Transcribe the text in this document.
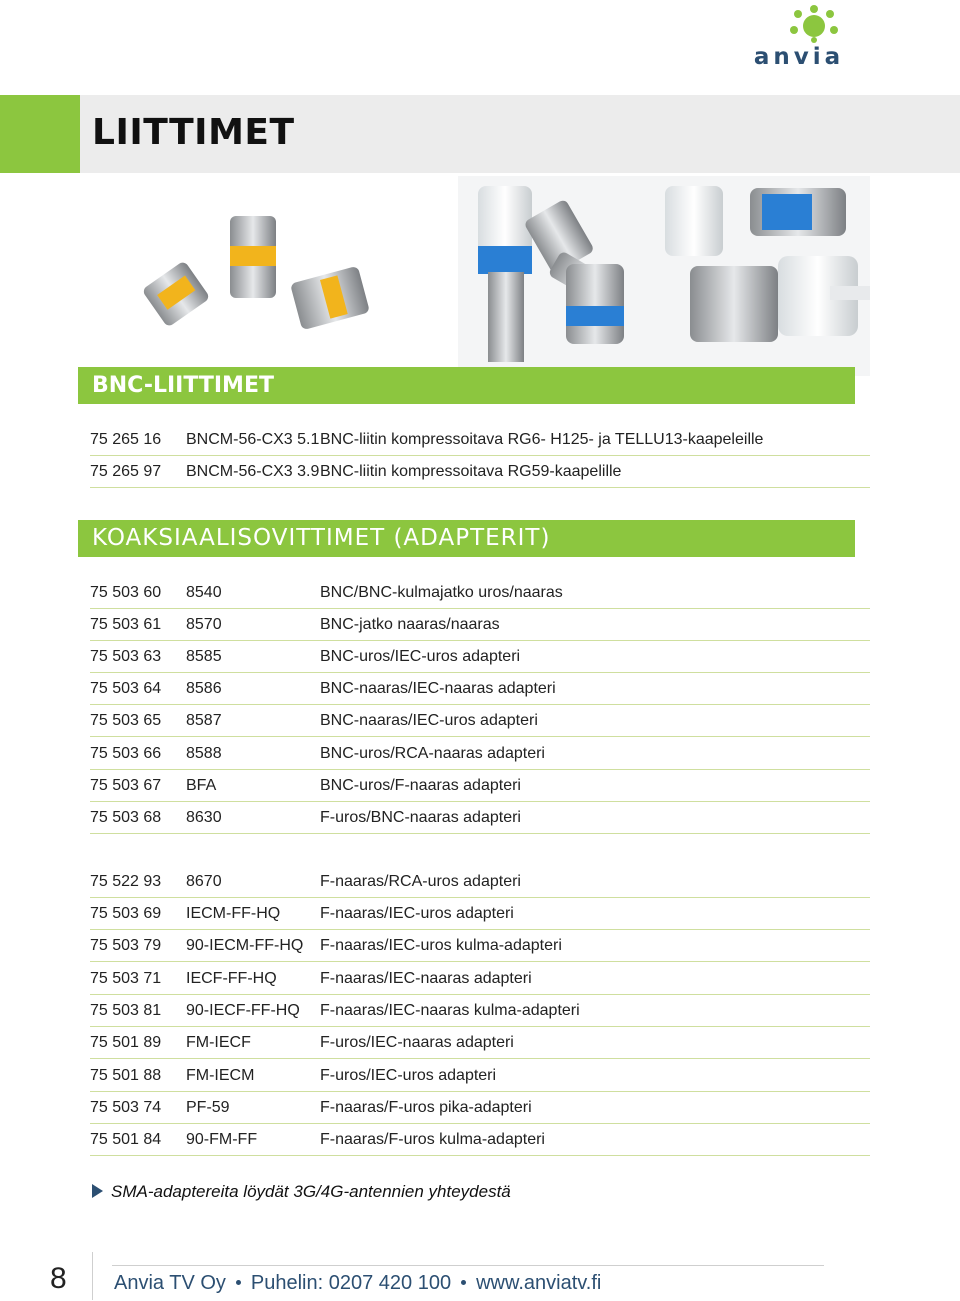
anvia
LIITTIMET
BNC-LIITTIMET
75 265 16 BNCM-56-CX3 5.1 BNC-liitin kompressoitava RG6- H125- ja TELLU13-kaapeleille
75 265 97 BNCM-56-CX3 3.9 BNC-liitin kompressoitava RG59-kaapelille
KOAKSIAALISOVITTIMET (ADAPTERIT)
75 503 60 8540	BNC/BNC-kulmajatko uros/naaras
75 503 61 8570	BNC-jatko naaras/naaras
75 503 63 8585	BNC-uros/IEC-uros adapteri
75 503 64 8586	BNC-naaras/IEC-naaras adapteri
75 503 65 8587	BNC-naaras/IEC-uros adapteri
75 503 66 8588	BNC-uros/RCA-naaras adapteri
75 503 67 BFA	BNC-uros/F-naaras adapteri
75 503 68 8630	F-uros/BNC-naaras adapteri
75 522 93 8670	F-naaras/RCA-uros adapteri
75 503 69 IECM-FF-HQ F-naaras/IEC-uros adapteri
75 503 79 90-IECM-FF-HQ F-naaras/IEC-uros kulma-adapteri
75 503 71 IECF-FF-HQ	F-naaras/IEC-naaras adapteri
75 503 81 90-IECF-FF-HQ F-naaras/IEC-naaras kulma-adapteri
75 501 89 FM-IECF	F-uros/IEC-naaras adapteri
75 501 88 FM-IECM	F-uros/IEC-uros adapteri
75 503 74 PF-59	F-naaras/F-uros pika-adapteri
75 501 84 90-FM-FF	F-naaras/F-uros kulma-adapteri
SMA-adaptereita löydät 3G/4G-antennien yhteydestä
8 Anvia TV Oy Puhelin: 0207 420 100 www.anviatv.fi
